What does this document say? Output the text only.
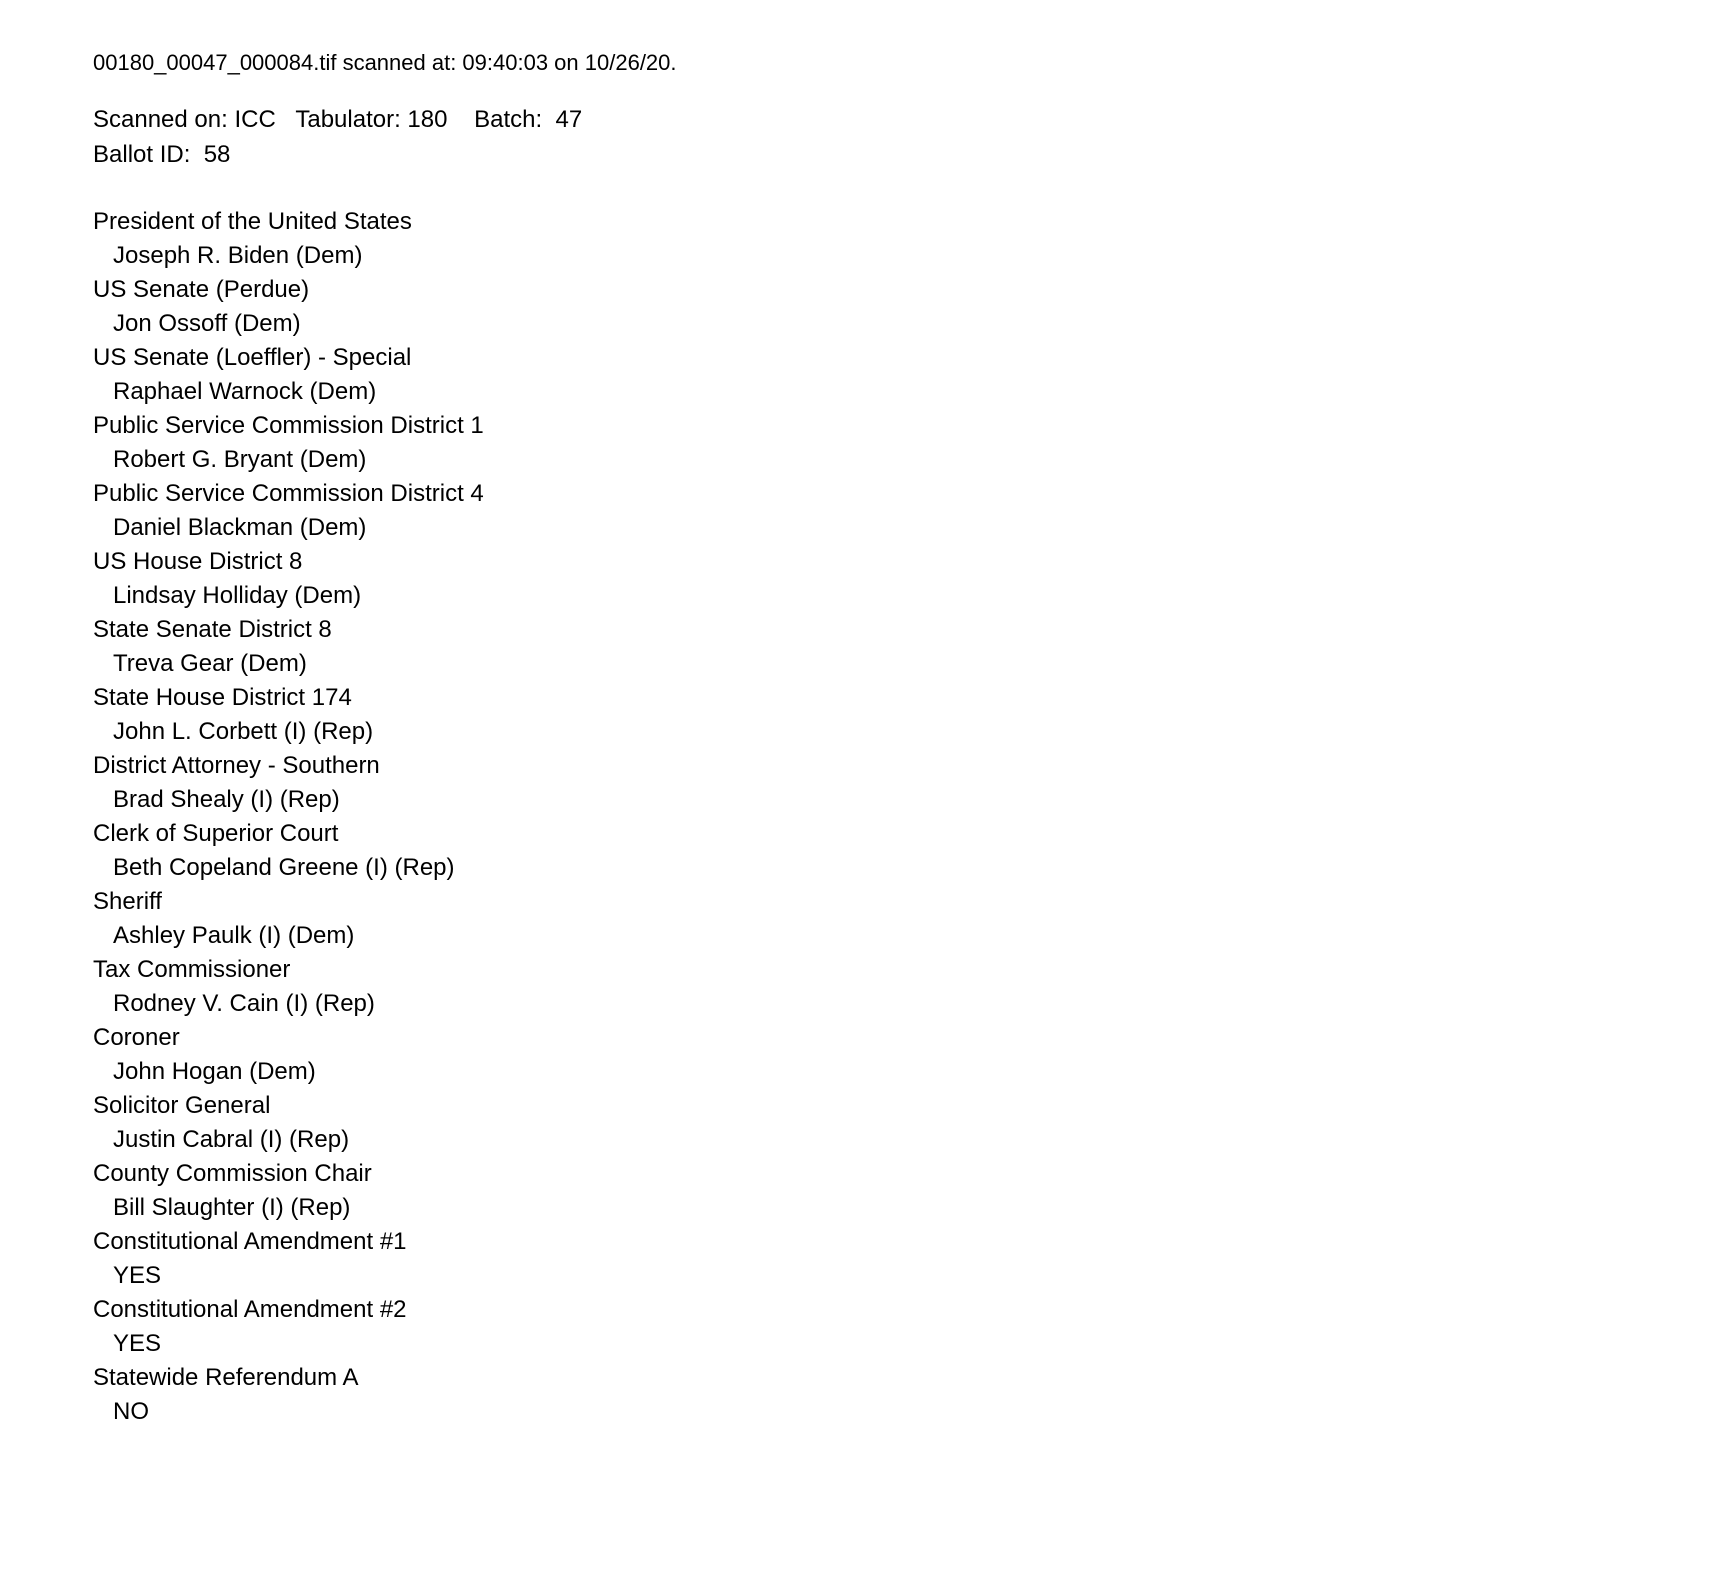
00180_00047_000084.tif scanned at: 09:40:03 on 10/26/20.
Scanned on: ICC   Tabulator: 180    Batch:  47
Ballot ID:  58
President of the United States
Joseph R. Biden (Dem)
US Senate (Perdue)
Jon Ossoff (Dem)
US Senate (Loeffler) - Special
Raphael Warnock (Dem)
Public Service Commission District 1
Robert G. Bryant (Dem)
Public Service Commission District 4
Daniel Blackman (Dem)
US House District 8
Lindsay Holliday (Dem)
State Senate District 8
Treva Gear (Dem)
State House District 174
John L. Corbett (I) (Rep)
District Attorney - Southern
Brad Shealy (I) (Rep)
Clerk of Superior Court
Beth Copeland Greene (I) (Rep)
Sheriff
Ashley Paulk (I) (Dem)
Tax Commissioner
Rodney V. Cain (I) (Rep)
Coroner
John Hogan (Dem)
Solicitor General
Justin Cabral (I) (Rep)
County Commission Chair
Bill Slaughter (I) (Rep)
Constitutional Amendment #1
YES
Constitutional Amendment #2
YES
Statewide Referendum A
NO
